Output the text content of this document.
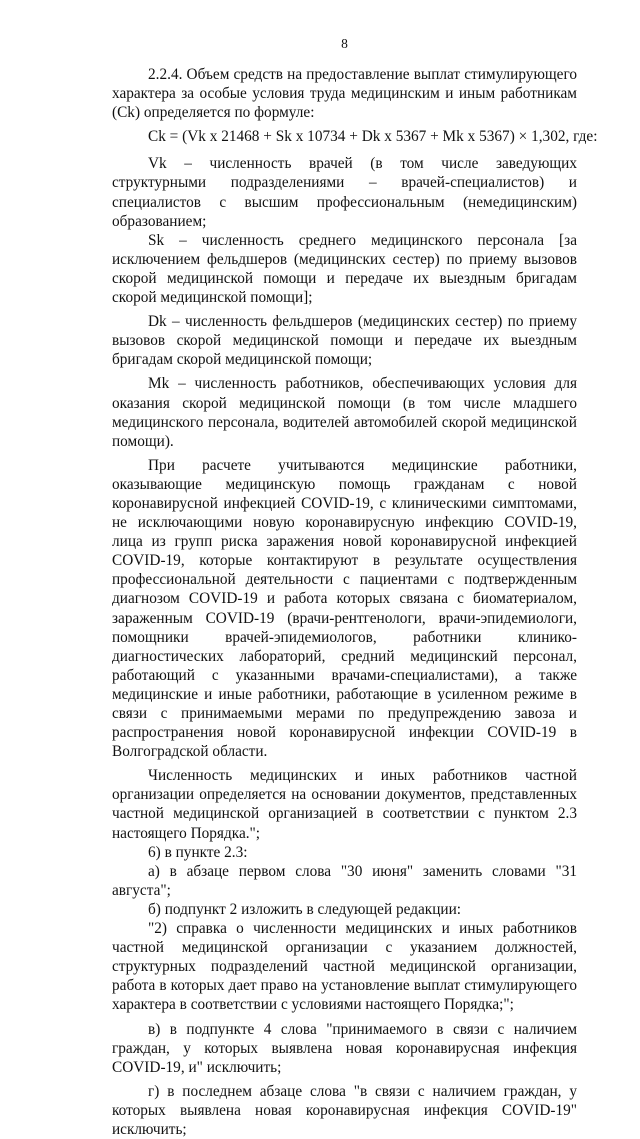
8

2.2.4. Объем средств на предоставление выплат стимулирующего характера за особые условия труда медицинским и иным работникам (Ck) определяется по формуле:

Ck = (Vk x 21468 + Sk x 10734 + Dk x 5367 + Mk x 5367) × 1,302, где:

Vk – численность врачей (в том числе заведующих структурными подразделениями – врачей-специалистов) и специалистов с высшим профессиональным (немедицинским) образованием;

Sk – численность среднего медицинского персонала [за исключением фельдшеров (медицинских сестер) по приему вызовов скорой медицинской помощи и передаче их выездным бригадам скорой медицинской помощи];

Dk – численность фельдшеров (медицинских сестер) по приему вызовов скорой медицинской помощи и передаче их выездным бригадам скорой медицинской помощи;

Mk – численность работников, обеспечивающих условия для оказания скорой медицинской помощи (в том числе младшего медицинского персонала, водителей автомобилей скорой медицинской помощи).

При расчете учитываются медицинские работники, оказывающие медицинскую помощь гражданам с новой коронавирусной инфекцией COVID-19, с клиническими симптомами, не исключающими новую коронавирусную инфекцию COVID-19, лица из групп риска заражения новой коронавирусной инфекцией COVID-19, которые контактируют в результате осуществления профессиональной деятельности с пациентами с подтвержденным диагнозом COVID-19 и работа которых связана с биоматериалом, зараженным COVID-19 (врачи-рентгенологи, врачи-эпидемиологи, помощники врачей-эпидемиологов, работники клинико-диагностических лабораторий, средний медицинский персонал, работающий с указанными врачами-специалистами), а также медицинские и иные работники, работающие в усиленном режиме в связи с принимаемыми мерами по предупреждению завоза и распространения новой коронавирусной инфекции COVID-19 в Волгоградской области.

Численность медицинских и иных работников частной организации определяется на основании документов, представленных частной медицинской организацией в соответствии с пунктом 2.3 настоящего Порядка.";

6) в пункте 2.3:

а) в абзаце первом слова "30 июня" заменить словами "31 августа";

б) подпункт 2 изложить в следующей редакции:

"2) справка о численности медицинских и иных работников частной медицинской организации с указанием должностей, структурных подразделений частной медицинской организации, работа в которых дает право на установление выплат стимулирующего характера в соответствии с условиями настоящего Порядка;";

в) в подпункте 4 слова "принимаемого в связи с наличием граждан, у которых выявлена новая коронавирусная инфекция COVID-19, и" исключить;

г) в последнем абзаце слова "в связи с наличием граждан, у которых выявлена новая коронавирусная инфекция COVID-19" исключить;
